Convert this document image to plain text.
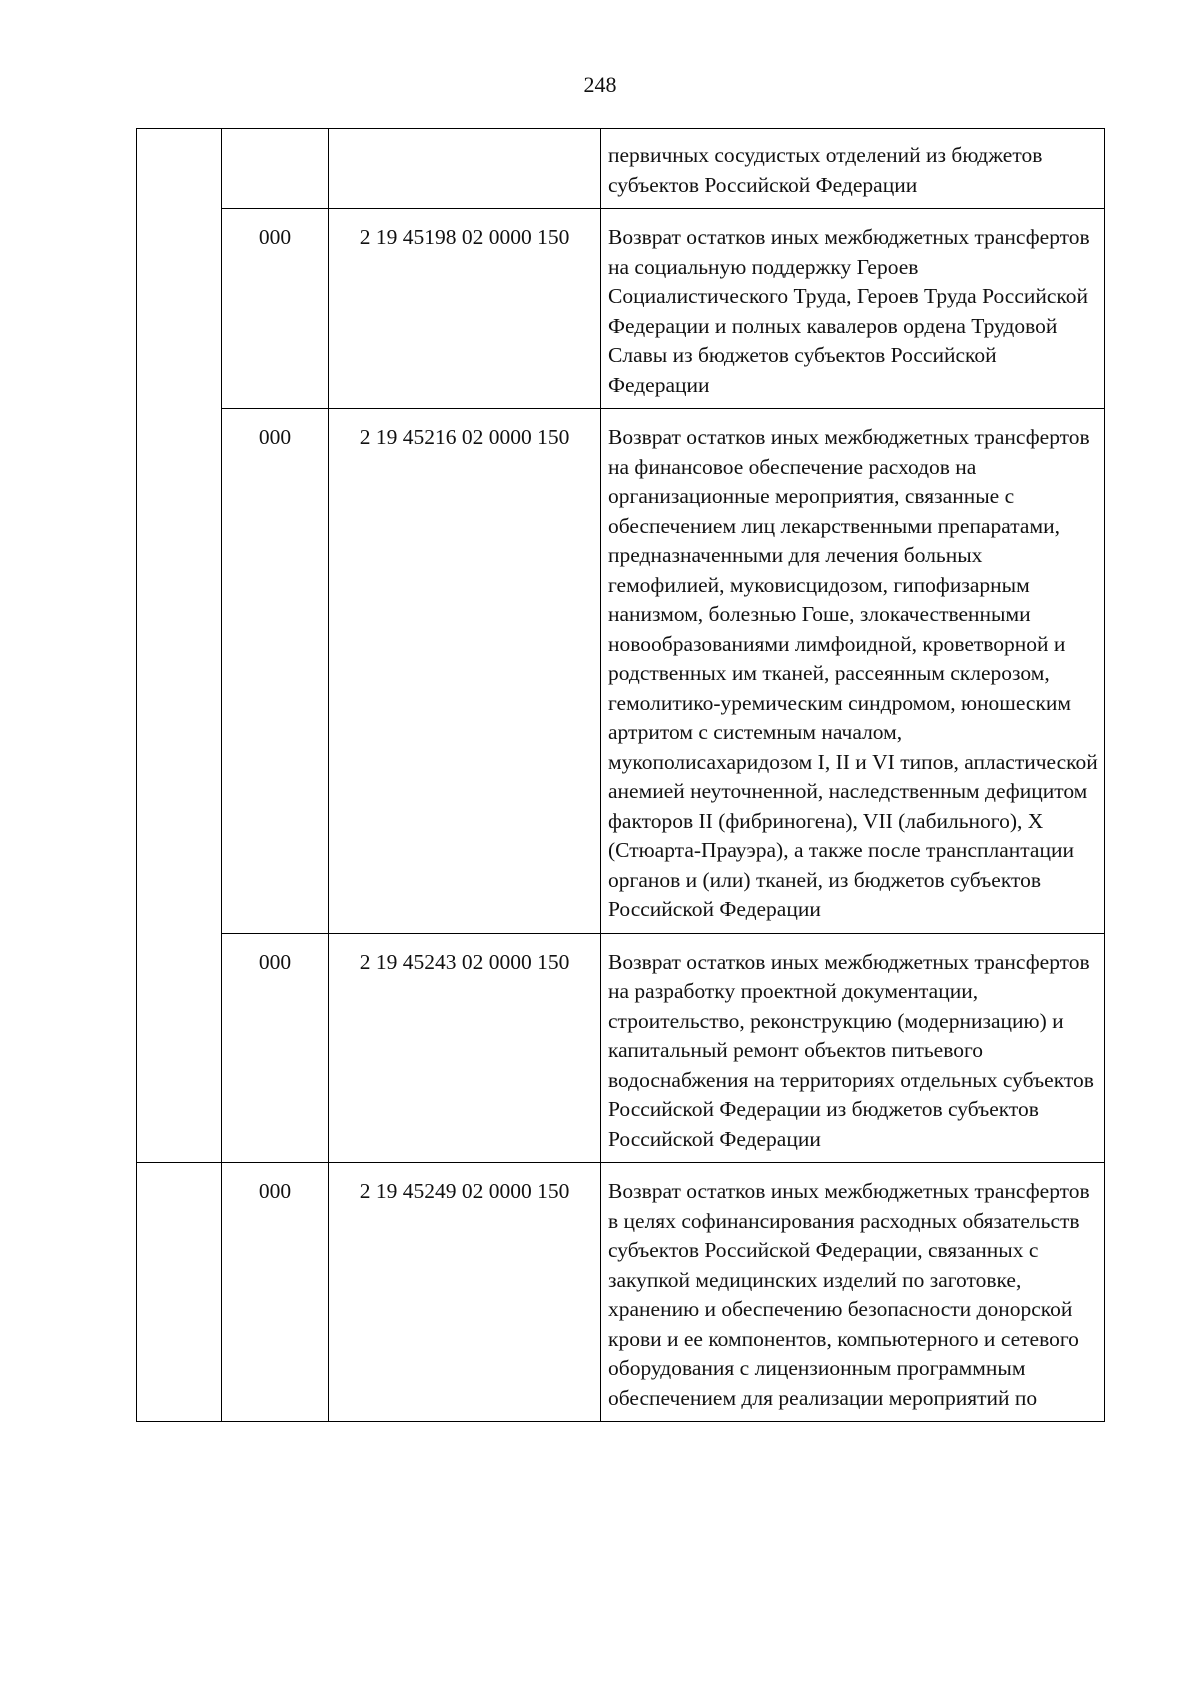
248
			первичных сосудистых отделений из бюджетов субъектов Российской Федерации
	000	2 19 45198 02 0000 150	Возврат остатков иных межбюджетных трансфертов на социальную поддержку Героев Социалистического Труда, Героев Труда Российской Федерации и полных кавалеров ордена Трудовой Славы из бюджетов субъектов Российской Федерации
	000	2 19 45216 02 0000 150	Возврат остатков иных межбюджетных трансфертов на финансовое обеспечение расходов на организационные мероприятия, связанные с обеспечением лиц лекарственными препаратами, предназначенными для лечения больных гемофилией, муковисцидозом, гипофизарным нанизмом, болезнью Гоше, злокачественными новообразованиями лимфоидной, кроветворной и родственных им тканей, рассеянным склерозом, гемолитико-уремическим синдромом, юношеским артритом с системным началом, мукополисахаридозом I, II и VI типов, апластической анемией неуточненной, наследственным дефицитом факторов II (фибриногена), VII (лабильного), X (Стюарта-Прауэра), а также после трансплантации органов и (или) тканей, из бюджетов субъектов Российской Федерации
	000	2 19 45243 02 0000 150	Возврат остатков иных межбюджетных трансфертов на разработку проектной документации, строительство, реконструкцию (модернизацию) и капитальный ремонт объектов питьевого водоснабжения на территориях отдельных субъектов Российской Федерации из бюджетов субъектов Российской Федерации
	000	2 19 45249 02 0000 150	Возврат остатков иных межбюджетных трансфертов в целях софинансирования расходных обязательств субъектов Российской Федерации, связанных с закупкой медицинских изделий по заготовке, хранению и обеспечению безопасности донорской крови и ее компонентов, компьютерного и сетевого оборудования с лицензионным программным обеспечением для реализации мероприятий по
